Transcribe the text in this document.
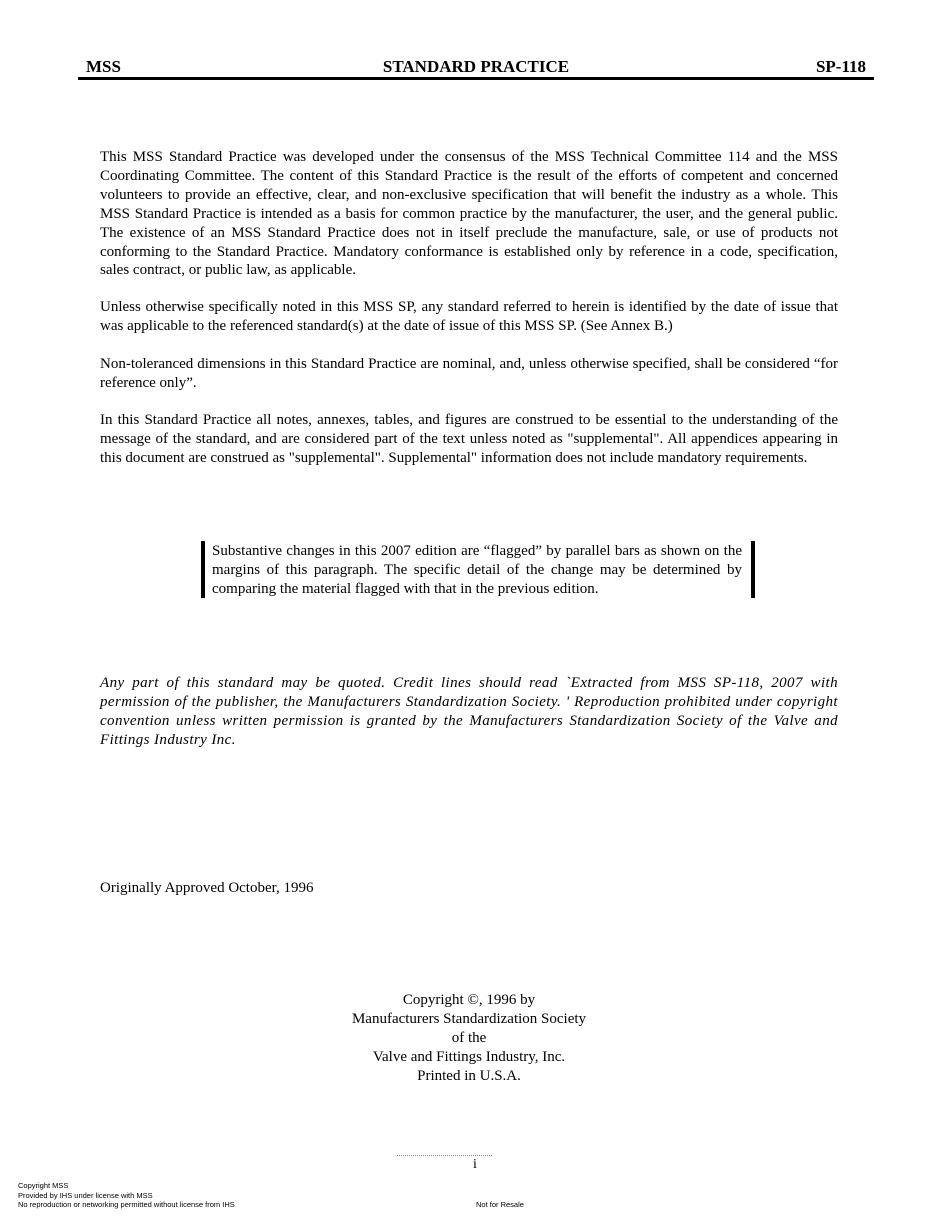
MSS	STANDARD PRACTICE	SP-118
This MSS Standard Practice was developed under the consensus of the MSS Technical Committee 114 and the MSS Coordinating Committee. The content of this Standard Practice is the result of the efforts of competent and concerned volunteers to provide an effective, clear, and non-exclusive specification that will benefit the industry as a whole. This MSS Standard Practice is intended as a basis for common practice by the manufacturer, the user, and the general public. The existence of an MSS Standard Practice does not in itself preclude the manufacture, sale, or use of products not conforming to the Standard Practice. Mandatory conformance is established only by reference in a code, specification, sales contract, or public law, as applicable.
Unless otherwise specifically noted in this MSS SP, any standard referred to herein is identified by the date of issue that was applicable to the referenced standard(s) at the date of issue of this MSS SP. (See Annex B.)
Non-toleranced dimensions in this Standard Practice are nominal, and, unless otherwise specified, shall be considered “for reference only”.
In this Standard Practice all notes, annexes, tables, and figures are construed to be essential to the understanding of the message of the standard, and are considered part of the text unless noted as "supplemental". All appendices appearing in this document are construed as "supplemental". Supplemental" information does not include mandatory requirements.
Substantive changes in this 2007 edition are “flagged” by parallel bars as shown on the margins of this paragraph. The specific detail of the change may be determined by comparing the material flagged with that in the previous edition.
Any part of this standard may be quoted. Credit lines should read `Extracted from MSS SP-118, 2007 with permission of the publisher, the Manufacturers Standardization Society. ' Reproduction prohibited under copyright convention unless written permission is granted by the Manufacturers Standardization Society of the Valve and Fittings Industry Inc.
Originally Approved October, 1996
Copyright ©, 1996 by
Manufacturers Standardization Society
of the
Valve and Fittings Industry, Inc.
Printed in U.S.A.
i
Copyright MSS
Provided by IHS under license with MSS
No reproduction or networking permitted without license from IHS	Not for Resale
